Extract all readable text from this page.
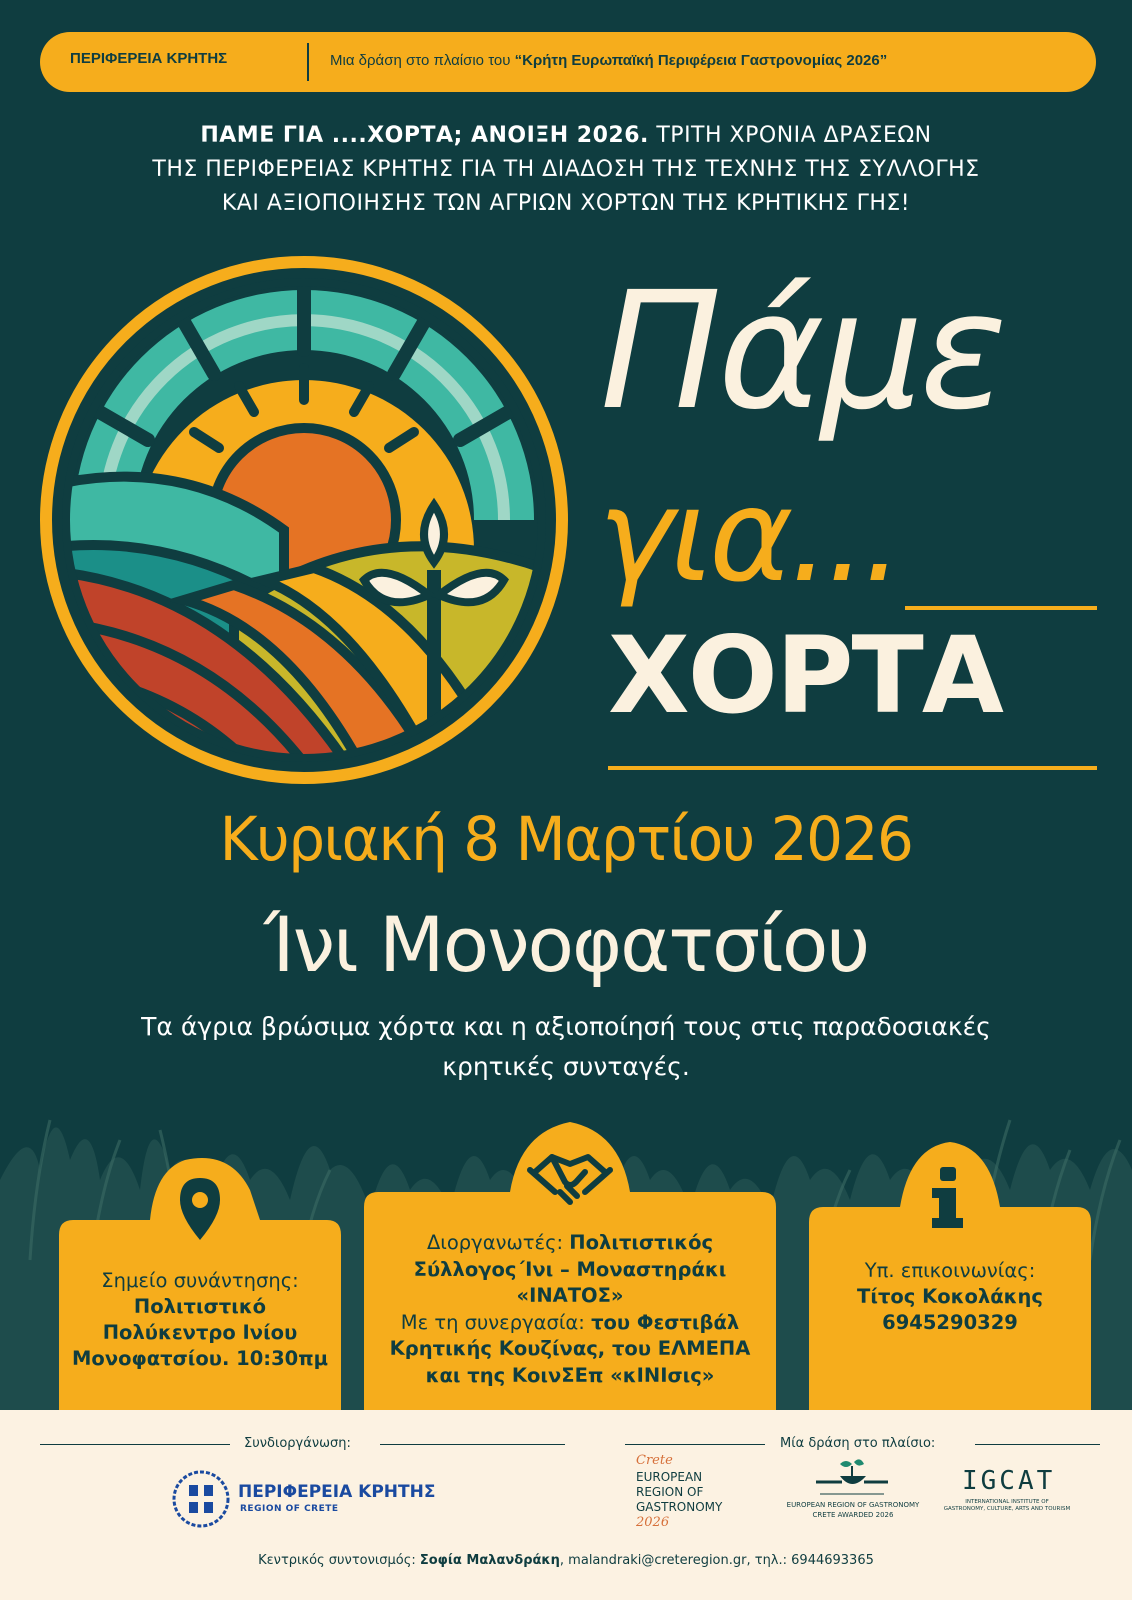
ΠΕΡΙΦΕΡΕΙΑ ΚΡΗΤΗΣ	Μια δράση στο πλαίσιο του “Κρήτη Ευρωπαϊκή Περιφέρεια Γαστρονομίας 2026”
ΠΑΜΕ ΓΙΑ ....ΧΟΡΤΑ; ΑΝΟΙΞΗ 2026. ΤΡΙΤΗ ΧΡΟΝΙΑ ΔΡΑΣΕΩΝ
ΤΗΣ ΠΕΡΙΦΕΡΕΙΑΣ ΚΡΗΤΗΣ ΓΙΑ ΤΗ ΔΙΑΔΟΣΗ ΤΗΣ ΤΕΧΝΗΣ ΤΗΣ ΣΥΛΛΟΓΗΣ
ΚΑΙ ΑΞΙΟΠΟΙΗΣΗΣ ΤΩΝ ΑΓΡΙΩΝ ΧΟΡΤΩΝ ΤΗΣ ΚΡΗΤΙΚΗΣ ΓΗΣ!
Πάμε
για...
ΧΟΡΤΑ
Κυριακή 8 Μαρτίου 2026
Ίνι Μονοφατσίου
Τα άγρια βρώσιμα χόρτα και η αξιοποίησή τους στις παραδοσιακές
κρητικές συνταγές.
Σημείο συνάντησης:
Πολιτιστικό
Πολύκεντρο Ινίου
Μονοφατσίου. 10:30πμ
Διοργανωτές: Πολιτιστικός
Σύλλογος΄Ινι – Μοναστηράκι
«ΙΝΑΤΟΣ»
Με τη συνεργασία: του Φεστιβάλ
Κρητικής Κουζίνας, του ΕΛΜΕΠΑ
και της ΚοινΣΕπ «κΙΝΙσις»
Υπ. επικοινωνίας:
Τίτος Κοκολάκης
6945290329
Συνδιοργάνωση:	Μία δράση στο πλαίσιο:
ΠΕΡΙΦΕΡΕΙΑ ΚΡΗΤΗΣ
REGION OF CRETE
Crete
EUROPEAN
REGION OF
GASTRONOMY
2026
EUROPEAN REGION OF GASTRONOMY
CRETE AWARDED 2026
IGCAT
INTERNATIONAL INSTITUTE OF
GASTRONOMY, CULTURE, ARTS AND TOURISM
Κεντρικός συντονισμός: Σοφία Μαλανδράκη, malandraki@creteregion.gr, τηλ.: 6944693365
